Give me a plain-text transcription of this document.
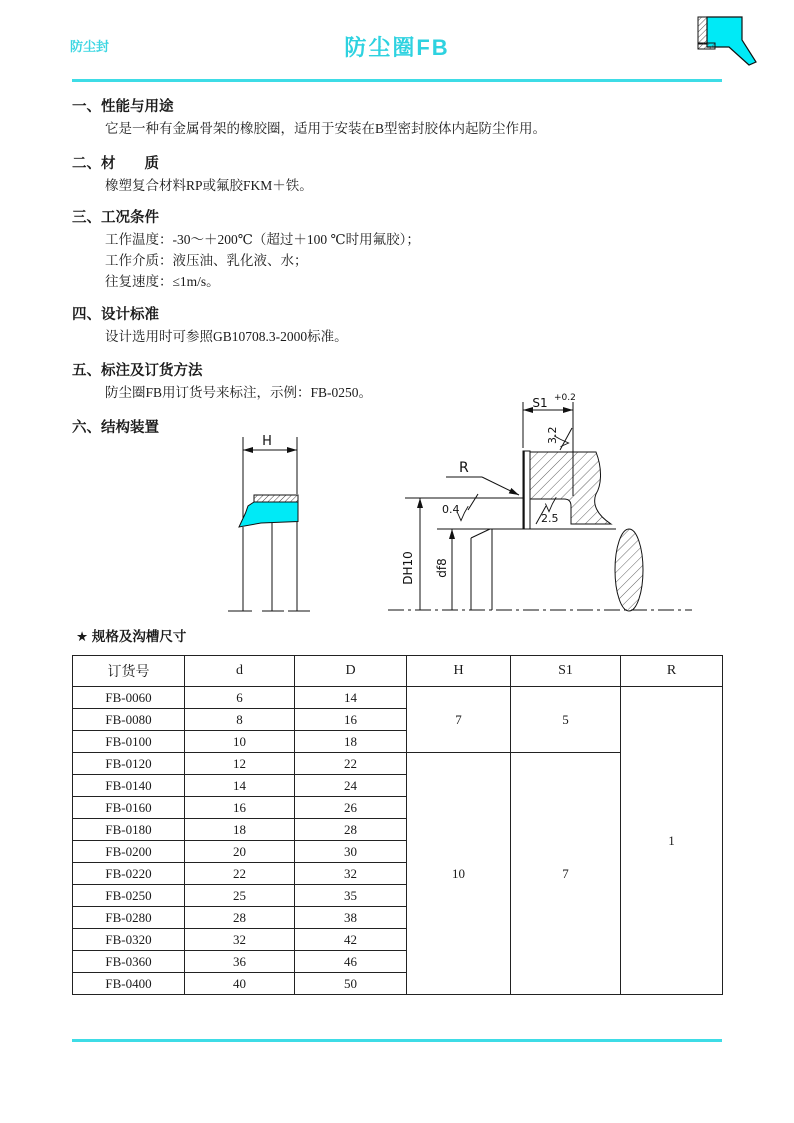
防尘封	防尘圈FB
一、性能与用途
它是一种有金属骨架的橡胶圈，适用于安装在B型密封胶体内起防尘作用。
二、材　　质
橡塑复合材料RP或氟胶FKM＋铁。
三、工况条件
工作温度：-30～＋200℃（超过＋100 ℃时用氟胶）；
工作介质：液压油、乳化液、水；
往复速度：≤1m/s。
四、设计标准
设计选用时可参照GB10708.3-2000标准。
五、标注及订货方法
防尘圈FB用订货号来标注，示例：FB-0250。
六、结构装置
H
R
S1 +0.2
3.2
0.4
2.5
DH10 df8
★ 规格及沟槽尺寸
订货号	d	D	H	S1	R
FB-0060	6	14	7	5	1
FB-0080	8	16			
FB-0100	10	18			
FB-0120	12	22	10	7	
FB-0140	14	24			
FB-0160	16	26			
FB-0180	18	28			
FB-0200	20	30			
FB-0220	22	32			
FB-0250	25	35			
FB-0280	28	38			
FB-0320	32	42			
FB-0360	36	46			
FB-0400	40	50			
